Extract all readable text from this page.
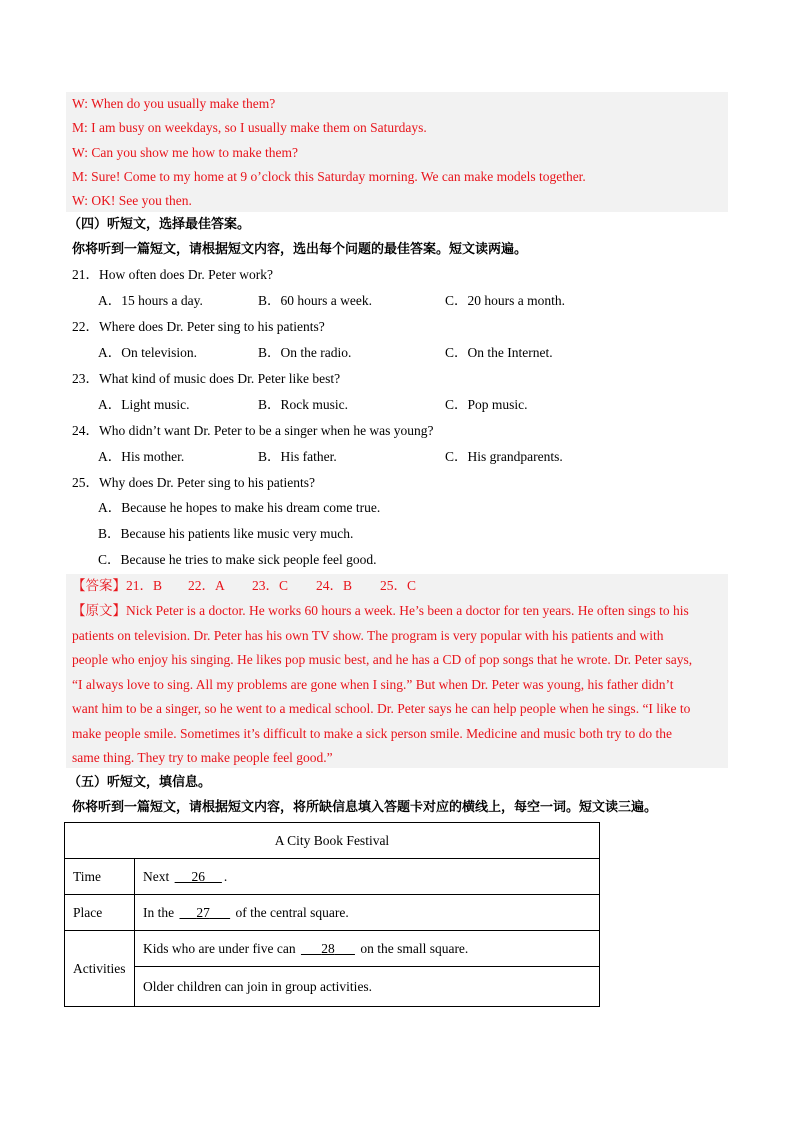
W: When do you usually make them?
M: I am busy on weekdays, so I usually make them on Saturdays.
W: Can you show me how to make them?
M: Sure! Come to my home at 9 o’clock this Saturday morning. We can make models together.
W: OK! See you then.
（四）听短文，选择最佳答案。
你将听到一篇短文，请根据短文内容，选出每个问题的最佳答案。短文读两遍。
21．How often does Dr. Peter work?
A．15 hours a day.	B．60 hours a week.	C．20 hours a month.
22．Where does Dr. Peter sing to his patients?
A．On television.	B．On the radio.	C．On the Internet.
23．What kind of music does Dr. Peter like best?
A．Light music.	B．Rock music.	C．Pop music.
24．Who didn’t want Dr. Peter to be a singer when he was young?
A．His mother.	B．His father.	C．His grandparents.
25．Why does Dr. Peter sing to his patients?
A．Because he hopes to make his dream come true.
B．Because his patients like music very much.
C．Because he tries to make sick people feel good.
【答案】21．B 22．A 23．C 24．B 25．C
【原文】Nick Peter is a doctor. He works 60 hours a week. He’s been a doctor for ten years. He often sings to his
patients on television. Dr. Peter has his own TV show. The program is very popular with his patients and with
people who enjoy his singing. He likes pop music best, and he has a CD of pop songs that he wrote. Dr. Peter says,
“I always love to sing. All my problems are gone when I sing.” But when Dr. Peter was young, his father didn’t
want him to be a singer, so he went to a medical school. Dr. Peter says he can help people when he sings. “I like to
make people smile. Sometimes it’s difficult to make a sick person smile. Medicine and music both try to do the
same thing. They try to make people feel good.”
（五）听短文，填信息。
你将听到一篇短文，请根据短文内容，将所缺信息填入答题卡对应的横线上，每空一词。短文读三遍。
A City Book Festival	
Time	Next 26 .
Place	In the 27 of the central square.
Activities	Kids who are under five can 28 on the small square.
	Older children can join in group activities.
